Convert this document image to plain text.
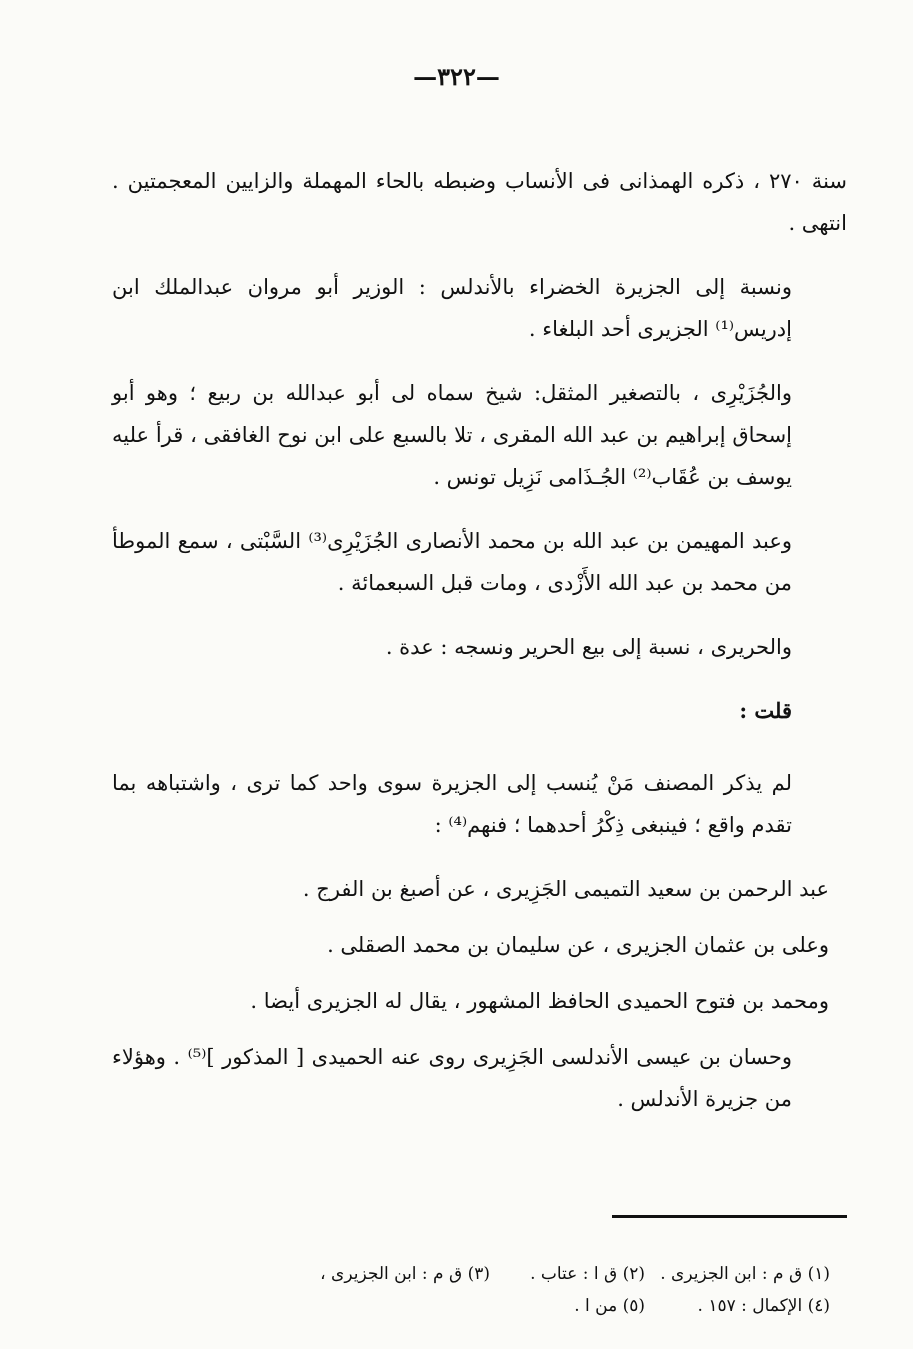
—٣٢٢—

سنة ٢٧٠ ، ذكره الهمذانى فى الأنساب وضبطه بالحاء المهملة والزايين المعجمتين . انتهى .

ونسبة إلى الجزيرة الخضراء بالأندلس : الوزير أبو مروان عبدالملك ابن إدريس⁽¹⁾ الجزيرى أحد البلغاء .

والجُزَيْرِى ، بالتصغير المثقل: شيخ سماه لى أبو عبدالله بن ربيع ؛ وهو أبو إسحاق إبراهيم بن عبد الله المقرى ، تلا بالسبع على ابن نوح الغافقى ، قرأ عليه يوسف بن عُقَاب⁽²⁾ الجُـذَامى نَزِيل تونس .

وعبد المهيمن بن عبد الله بن محمد الأنصارى الجُزَيْرِى⁽³⁾ السَّبْتى ، سمع الموطأ من محمد بن عبد الله الأَزْدى ، ومات قبل السبعمائة .

والحريرى ، نسبة إلى بيع الحرير ونسجه : عدة .

قلت :

لم يذكر المصنف مَنْ يُنسب إلى الجزيرة سوى واحد كما ترى ، واشتباهه بما تقدم واقع ؛ فينبغى ذِكْرُ أحدهما ؛ فنهم⁽⁴⁾ :

عبد الرحمن بن سعيد التميمى الجَزِيرى ، عن أصبغ بن الفرج .

وعلى بن عثمان الجزيرى ، عن سليمان بن محمد الصقلى .

ومحمد بن فتوح الحميدى الحافظ المشهور ، يقال له الجزيرى أيضا .

وحسان بن عيسى الأندلسى الجَزِيرى روى عنه الحميدى [ المذكور ]⁽⁵⁾ . وهؤلاء من جزيرة الأندلس .

(١) ق م : ابن الجزيرى .
(٢) ق ا : عتاب .
(٣) ق م : ابن الجزيرى ،
(٤) الإكمال : ١٥٧ .
(٥) من ا .
